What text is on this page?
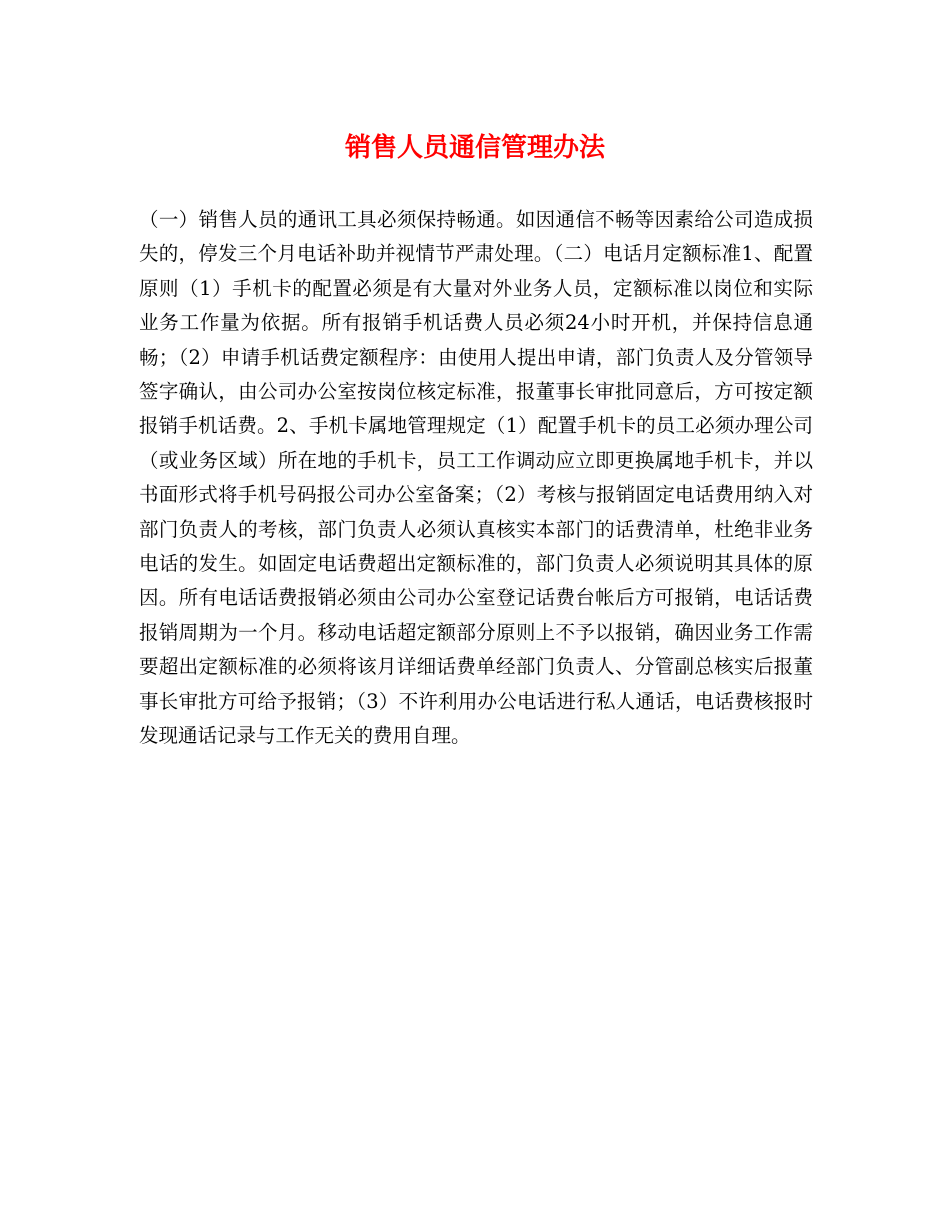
销售人员通信管理办法

（一）销售人员的通讯工具必须保持畅通。如因通信不畅等因素给公司造成损失的，停发三个月电话补助并视情节严肃处理。（二）电话月定额标准1、配置原则（1）手机卡的配置必须是有大量对外业务人员，定额标准以岗位和实际业务工作量为依据。所有报销手机话费人员必须24小时开机，并保持信息通畅；（2）申请手机话费定额程序：由使用人提出申请，部门负责人及分管领导签字确认，由公司办公室按岗位核定标准，报董事长审批同意后，方可按定额报销手机话费。2、手机卡属地管理规定（1）配置手机卡的员工必须办理公司（或业务区域）所在地的手机卡，员工工作调动应立即更换属地手机卡，并以书面形式将手机号码报公司办公室备案；（2）考核与报销固定电话费用纳入对部门负责人的考核，部门负责人必须认真核实本部门的话费清单，杜绝非业务电话的发生。如固定电话费超出定额标准的，部门负责人必须说明其具体的原因。所有电话话费报销必须由公司办公室登记话费台帐后方可报销，电话话费报销周期为一个月。移动电话超定额部分原则上不予以报销，确因业务工作需要超出定额标准的必须将该月详细话费单经部门负责人、分管副总核实后报董事长审批方可给予报销；（3）不许利用办公电话进行私人通话，电话费核报时发现通话记录与工作无关的费用自理。
